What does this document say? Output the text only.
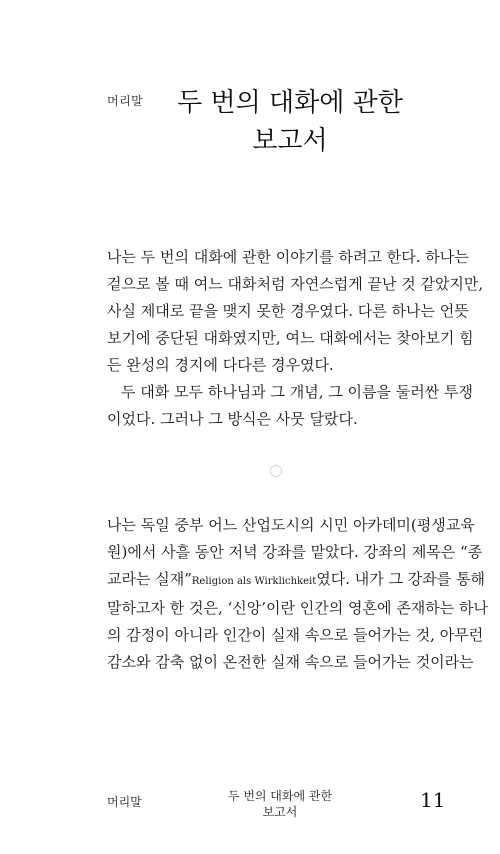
머리말	두 번의 대화에 관한
보고서
나는 두 번의 대화에 관한 이야기를 하려고 한다. 하나는
겉으로 볼 때 여느 대화처럼 자연스럽게 끝난 것 같았지만,
사실 제대로 끝을 맺지 못한 경우였다. 다른 하나는 언뜻
보기에 중단된 대화였지만, 여느 대화에서는 찾아보기 힘
든 완성의 경지에 다다른 경우였다.
두 대화 모두 하나님과 그 개념, 그 이름을 둘러싼 투쟁
이었다. 그러나 그 방식은 사뭇 달랐다.
나는 독일 중부 어느 산업도시의 시민 아카데미(평생교육
원)에서 사흘 동안 저녁 강좌를 맡았다. 강좌의 제목은 “종
교라는 실재”Religion als Wirklichkeit였다. 내가 그 강좌를 통해
말하고자 한 것은, ‘신앙’이란 인간의 영혼에 존재하는 하나
의 감정이 아니라 인간이 실재 속으로 들어가는 것, 아무런
감소와 감축 없이 온전한 실재 속으로 들어가는 것이라는
머리말	두 번의 대화에 관한
보고서	11
